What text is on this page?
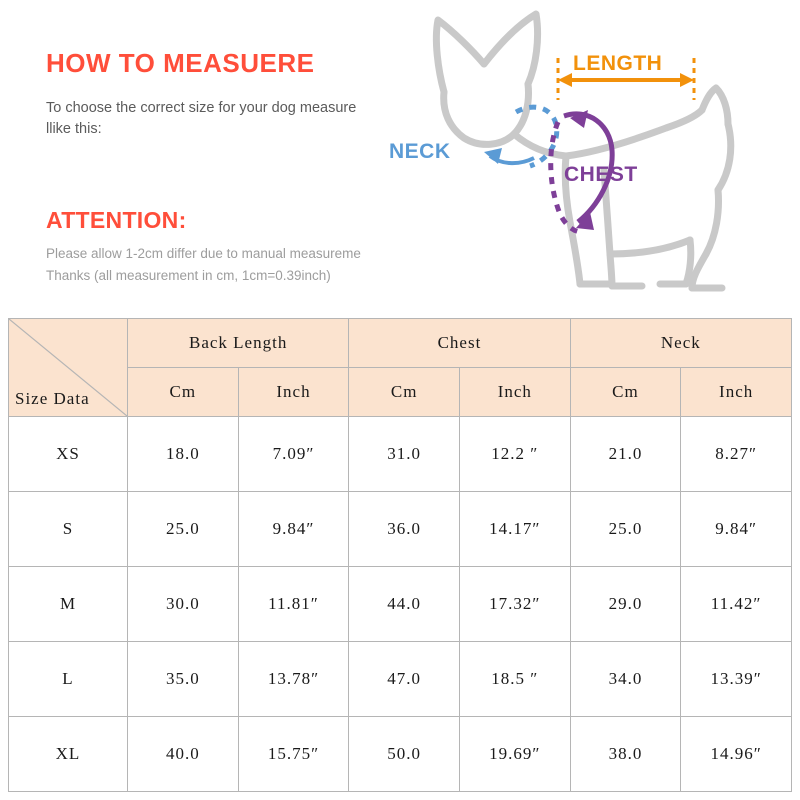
HOW TO MEASUERE
To choose the correct size for your dog measure llike this:
ATTENTION:
Please allow 1-2cm differ due to manual measureme
Thanks (all measurement in cm, 1cm=0.39inch)
LENGTH
NECK
CHEST
Size Data	Back Length		Chest		Neck	
	Cm	Inch	Cm	Inch	Cm	Inch
XS	18.0	7.09″	31.0	12.2 ″	21.0	8.27″
S	25.0	9.84″	36.0	14.17″	25.0	9.84″
M	30.0	11.81″	44.0	17.32″	29.0	11.42″
L	35.0	13.78″	47.0	18.5 ″	34.0	13.39″
XL	40.0	15.75″	50.0	19.69″	38.0	14.96″
